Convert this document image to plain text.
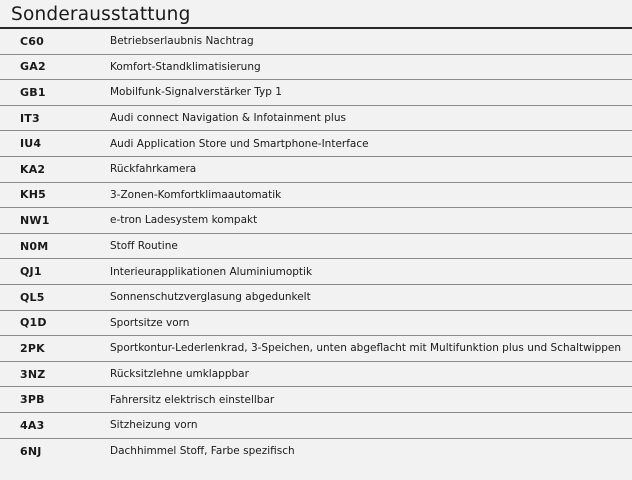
Sonderausstattung
C60	Betriebserlaubnis Nachtrag
GA2	Komfort-Standklimatisierung
GB1	Mobilfunk-Signalverstärker Typ 1
IT3	Audi connect Navigation & Infotainment plus
IU4	Audi Application Store und Smartphone-Interface
KA2	Rückfahrkamera
KH5	3-Zonen-Komfortklimaautomatik
NW1	e-tron Ladesystem kompakt
N0M	Stoff Routine
QJ1	Interieurapplikationen Aluminiumoptik
QL5	Sonnenschutzverglasung abgedunkelt
Q1D	Sportsitze vorn
2PK	Sportkontur-Lederlenkrad, 3-Speichen, unten abgeflacht mit Multifunktion plus und Schaltwippen
3NZ	Rücksitzlehne umklappbar
3PB	Fahrersitz elektrisch einstellbar
4A3	Sitzheizung vorn
6NJ	Dachhimmel Stoff, Farbe spezifisch
